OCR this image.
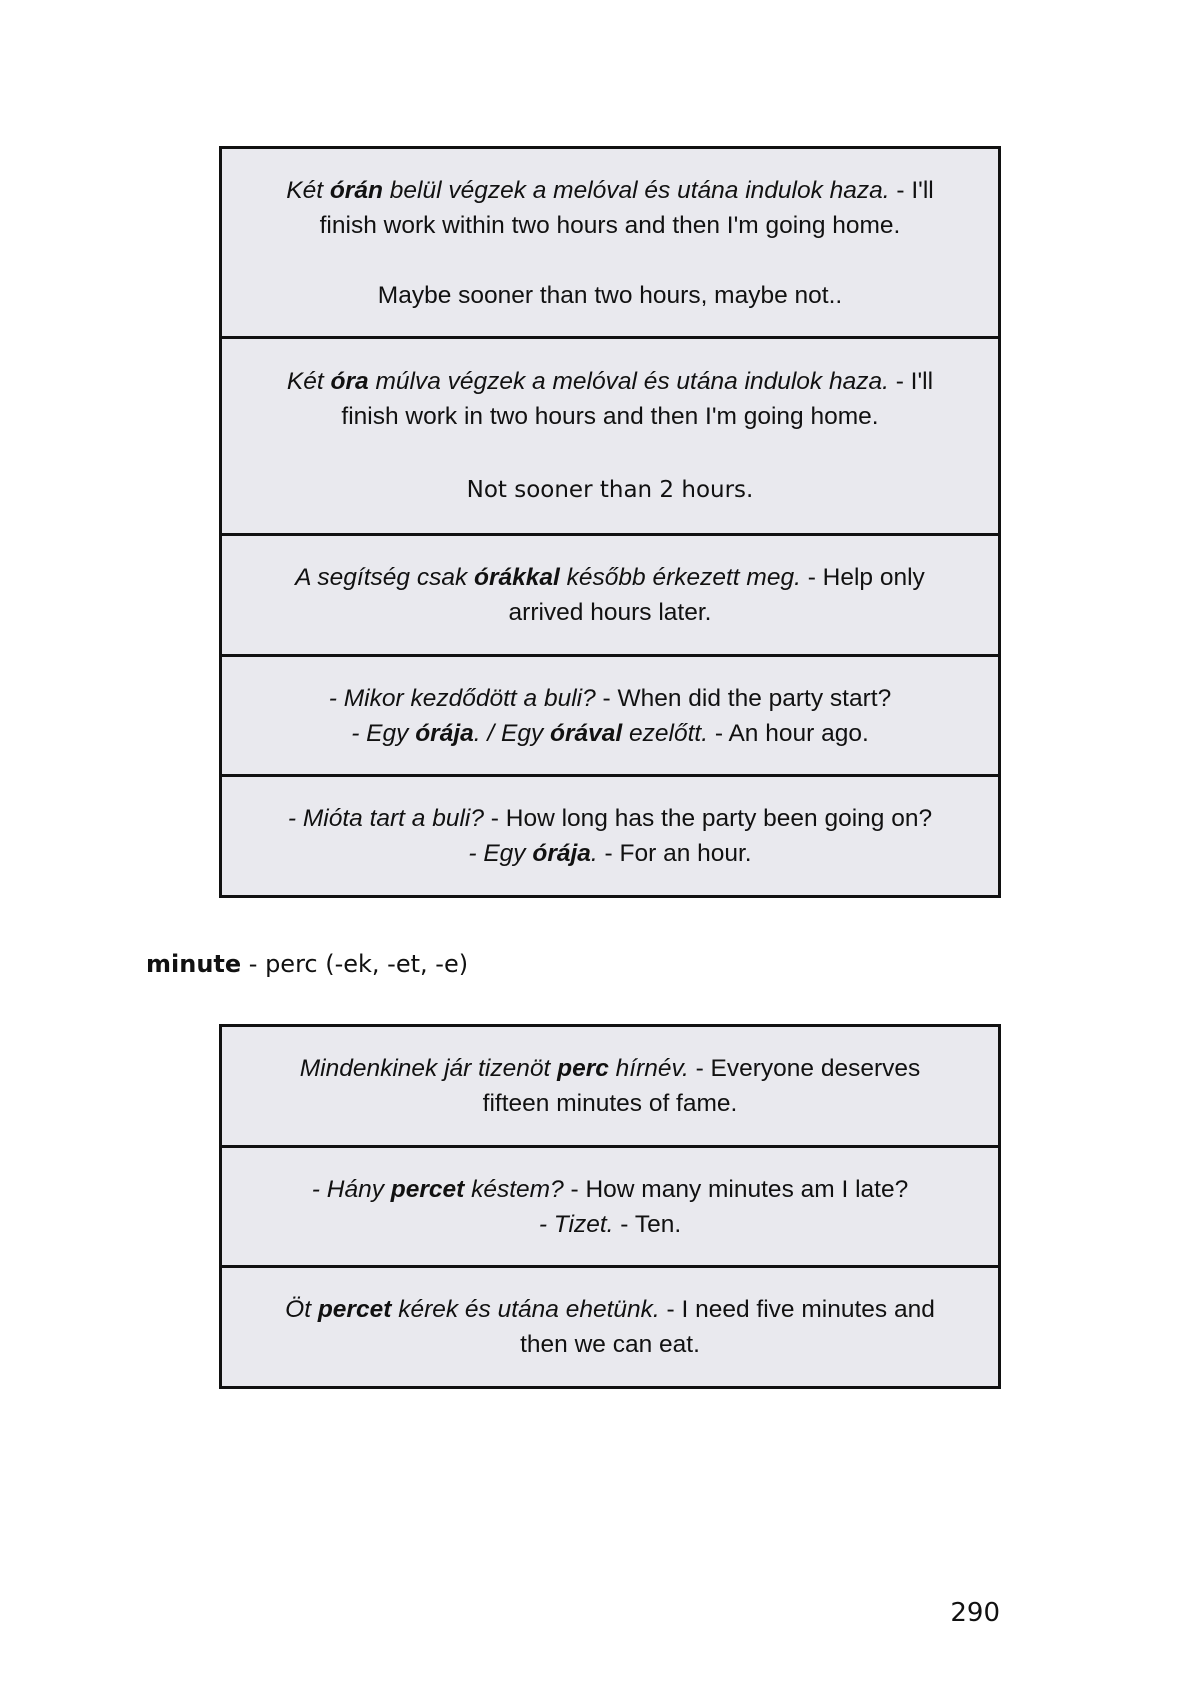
Két órán belül végzek a melóval és utána indulok haza. - I'll
finish work within two hours and then I'm going home.
Maybe sooner than two hours, maybe not..
Két óra múlva végzek a melóval és utána indulok haza. - I'll
finish work in two hours and then I'm going home.
Not sooner than 2 hours.
A segítség csak órákkal később érkezett meg. - Help only
arrived hours later.
- Mikor kezdődött a buli? - When did the party start?
- Egy órája. / Egy órával ezelőtt. - An hour ago.
- Mióta tart a buli? - How long has the party been going on?
- Egy órája. - For an hour.
minute - perc (-ek, -et, -e)
Mindenkinek jár tizenöt perc hírnév. - Everyone deserves
fifteen minutes of fame.
- Hány percet késtem? - How many minutes am I late?
- Tizet. - Ten.
Öt percet kérek és utána ehetünk. - I need five minutes and
then we can eat.
290
